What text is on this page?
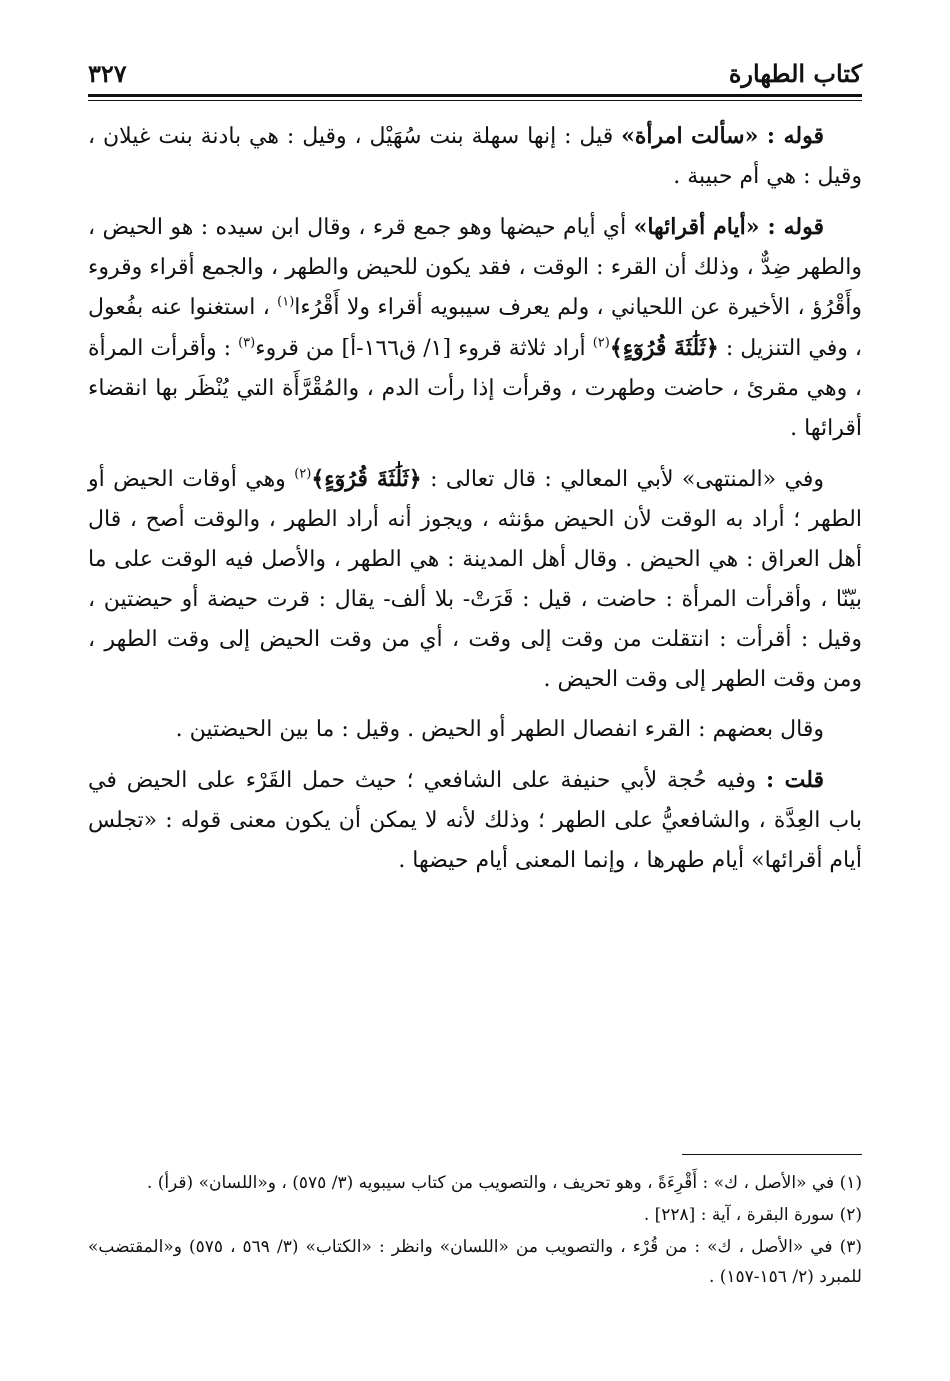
كتاب الطهارة
٣٢٧

قوله : «سألت امرأة» قيل : إنها سهلة بنت سُهَيْل ، وقيل : هي بادنة بنت غيلان ، وقيل : هي أم حبيبة .

قوله : «أيام أقرائها» أي أيام حيضها وهو جمع قرء ، وقال ابن سيده : هو الحيض ، والطهر ضِدٌّ ، وذلك أن القرء : الوقت ، فقد يكون للحيض والطهر ، والجمع أقراء وقروء وأَقْرُؤ ، الأخيرة عن اللحياني ، ولم يعرف سيبويه أقراء ولا أَقْرُءا$^{(١)}$ ، استغنوا عنه بفُعول ، وفي التنزيل : ﴿ثَلَٰثَةَ قُرُوٓءٍ﴾$^{(٢)}$ أراد ثلاثة قروء [١/ ق١٦٦-أ] من قروء$^{(٣)}$ : وأقرأت المرأة ، وهي مقرئ ، حاضت وطهرت ، وقرأت إذا رأت الدم ، والمُقْرَّأَة التي يُنْظَر بها انقضاء أقرائها .

وفي «المنتهى» لأبي المعالي : قال تعالى : ﴿ثَلَٰثَةَ قُرُوٓءٍ﴾$^{(٢)}$ وهي أوقات الحيض أو الطهر ؛ أراد به الوقت لأن الحيض مؤنثه ، ويجوز أنه أراد الطهر ، والوقت أصح ، قال أهل العراق : هي الحيض . وقال أهل المدينة : هي الطهر ، والأصل فيه الوقت على ما بيّنّا ، وأقرأت المرأة : حاضت ، قيل : قَرَتْ- بلا ألف- يقال : قرت حيضة أو حيضتين ، وقيل : أقرأت : انتقلت من وقت إلى وقت ، أي من وقت الحيض إلى وقت الطهر ، ومن وقت الطهر إلى وقت الحيض .

وقال بعضهم : القرء انفصال الطهر أو الحيض . وقيل : ما بين الحيضتين .

قلت : وفيه حُجة لأبي حنيفة على الشافعي ؛ حيث حمل القَرْء على الحيض في باب العِدَّة ، والشافعيُّ على الطهر ؛ وذلك لأنه لا يمكن أن يكون معنى قوله : «تجلس أيام أقرائها» أيام طهرها ، وإنما المعنى أيام حيضها .

(١) في «الأصل ، ك» : أَقْرِءَةً ، وهو تحريف ، والتصويب من كتاب سيبويه (٣/ ٥٧٥) ، و«اللسان» (قرأ) .

(٢) سورة البقرة ، آية : [٢٢٨] .

(٣) في «الأصل ، ك» : من قُرْء ، والتصويب من «اللسان» وانظر : «الكتاب» (٣/ ٥٦٩ ، ٥٧٥) و«المقتضب» للمبرد (٢/ ١٥٦-١٥٧) .
